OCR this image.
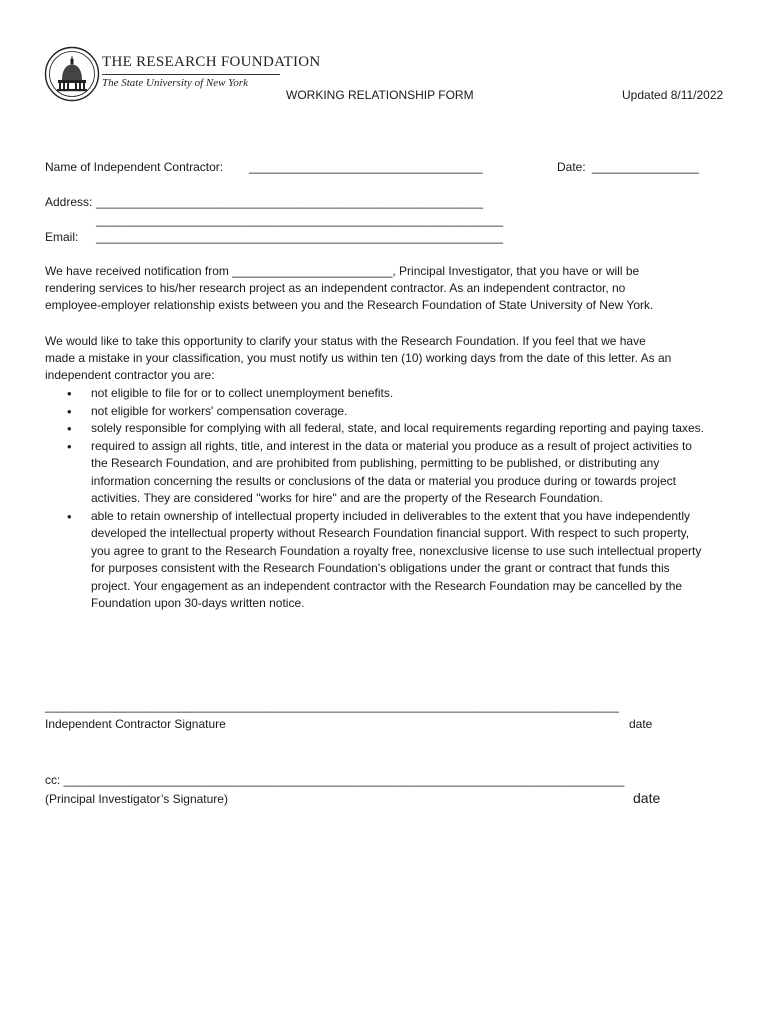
THE RESEARCH FOUNDATION
The State University of New York
WORKING RELATIONSHIP FORM	Updated 8/11/2022
Name of Independent Contractor: ___________________________________	Date: ________________
Address: __________________________________________________________
_____________________________________________________________
Email: _____________________________________________________________

We have received notification from ________________________, Principal Investigator, that you have or will be

rendering services to his/her research project as an independent contractor. As an independent contractor, no

employee-employer relationship exists between you and the Research Foundation of State University of New York.

We would like to take this opportunity to clarify your status with the Research Foundation. If you feel that we have

made a mistake in your classification, you must notify us within ten (10) working days from the date of this letter. As an

independent contractor you are:

• not eligible to file for or to collect unemployment benefits.
• not eligible for workers' compensation coverage.
• solely responsible for complying with all federal, state, and local requirements regarding reporting and paying taxes.
• required to assign all rights, title, and interest in the data or material you produce as a result of project activities to the Research Foundation, and are prohibited from publishing, permitting to be published, or distributing any information concerning the results or conclusions of the data or material you produce during or towards project activities. They are considered "works for hire" and are the property of the Research Foundation.
• able to retain ownership of intellectual property included in deliverables to the extent that you have independently developed the intellectual property without Research Foundation financial support. With respect to such property, you agree to grant to the Research Foundation a royalty free, nonexclusive license to use such intellectual property for purposes consistent with the Research Foundation's obligations under the grant or contract that funds this project. Your engagement as an independent contractor with the Research Foundation may be cancelled by the Foundation upon 30-days written notice.
______________________________________________________________________________________
Independent Contractor Signature	date
cc: ____________________________________________________________________________________
(Principal Investigator’s Signature)	date
